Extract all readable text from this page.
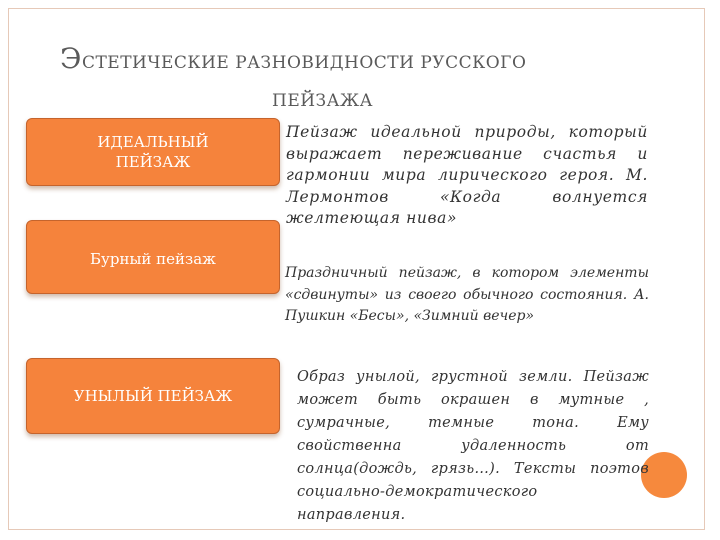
ЭСТЕТИЧЕСКИЕ РАЗНОВИДНОСТИ РУССКОГО
ПЕЙЗАЖА
ИДЕАЛЬНЫЙ
ПЕЙЗАЖ
Бурный пейзаж
УНЫЛЫЙ ПЕЙЗАЖ

Пейзаж идеальной природы, который выражает переживание счастья и гармонии мира лирического героя. М. Лермонтов «Когда волнуется желтеющая нива»

Праздничный пейзаж, в котором элементы «сдвинуты» из своего обычного состояния. А. Пушкин «Бесы», «Зимний вечер»

Образ унылой, грустной земли. Пейзаж может быть окрашен в мутные , сумрачные, темные тона. Ему свойственна удаленность от солнца(дождь, грязь…). Тексты поэтов социально-демократического направления.
